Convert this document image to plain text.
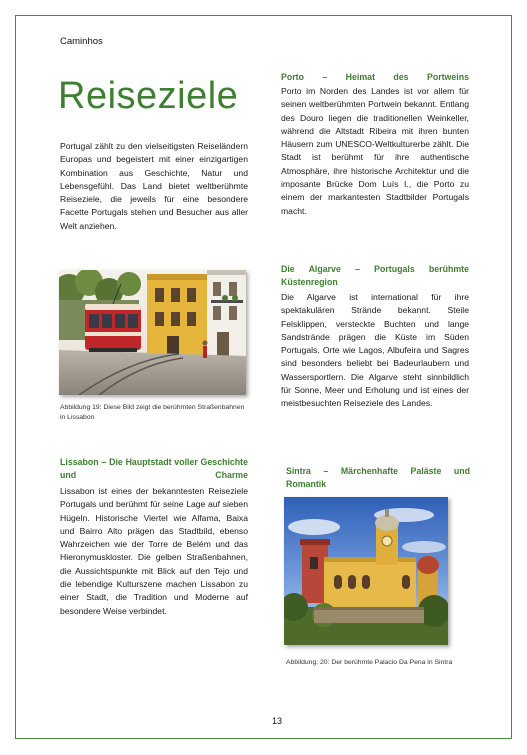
Caminhos
Reiseziele

Portugal zählt zu den vielseitigsten Reiseländern Europas und begeistert mit einer einzigartigen Kombination aus Geschichte, Natur und Lebensgefühl. Das Land bietet weltberühmte Reiseziele, die jeweils für eine besondere Facette Portugals stehen und Besucher aus aller Welt anziehen.

Abbildung 19: Diese Bild zeigt die berühmten Straßenbahnen in Lissabon

Lissabon – Die Hauptstadt voller Geschichte und Charme

Lissabon ist eines der bekanntesten Reiseziele Portugals und berühmt für seine Lage auf sieben Hügeln. Historische Viertel wie Alfama, Baixa und Bairro Alto prägen das Stadtbild, ebenso Wahrzeichen wie der Torre de Belém und das Hieronymuskloster. Die gelben Straßenbahnen, die Aussichtspunkte mit Blick auf den Tejo und die lebendige Kulturszene machen Lissabon zu einer Stadt, die Tradition und Moderne auf besondere Weise verbindet.

Porto – Heimat des Portweins

Porto im Norden des Landes ist vor allem für seinen weltberühmten Portwein bekannt. Entlang des Douro liegen die traditionellen Weinkeller, während die Altstadt Ribeira mit ihren bunten Häusern zum UNESCO-Weltkulturerbe zählt. Die Stadt ist berühmt für ihre authentische Atmosphäre, ihre historische Architektur und die imposante Brücke Dom Luís I., die Porto zu einem der markantesten Stadtbilder Portugals macht.

Die Algarve – Portugals berühmte Küstenregion

Die Algarve ist international für ihre spektakulären Strände bekannt. Steile Felsklippen, versteckte Buchten und lange Sandstrände prägen die Küste im Süden Portugals. Orte wie Lagos, Albufeira und Sagres sind besonders beliebt bei Badeurlaubern und Wassersportlern. Die Algarve steht sinnbildlich für Sonne, Meer und Erholung und ist eines der meistbesuchten Reiseziele des Landes.

Sintra – Märchenhafte Paläste und Romantik

Abbildung: 20: Der berühmte Palacio Da Pena in Sintra

13
